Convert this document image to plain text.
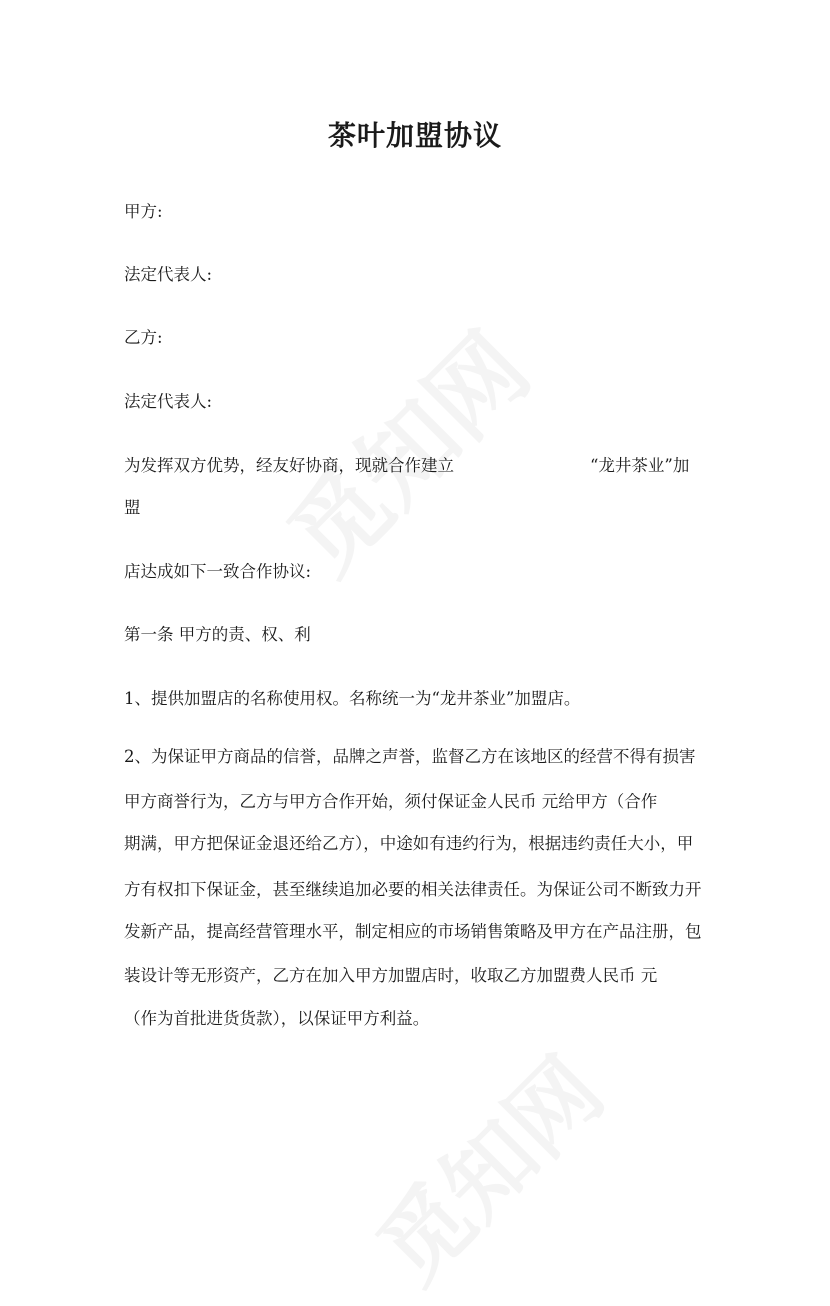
茶叶加盟协议
甲方:
法定代表人:
乙方:
法定代表人:
为发挥双方优势，经友好协商，现就合作建立	“龙井茶业”加
盟
店达成如下一致合作协议:
第一条 甲方的责、权、利
1、提供加盟店的名称使用权。名称统一为“龙井茶业”加盟店。
2、为保证甲方商品的信誉，品牌之声誉，监督乙方在该地区的经营不得有损害
甲方商誉行为，乙方与甲方合作开始，须付保证金人民币 元给甲方（合作
期满，甲方把保证金退还给乙方），中途如有违约行为，根据违约责任大小，甲
方有权扣下保证金，甚至继续追加必要的相关法律责任。为保证公司不断致力开
发新产品，提高经营管理水平，制定相应的市场销售策略及甲方在产品注册，包
装设计等无形资产，乙方在加入甲方加盟店时，收取乙方加盟费人民币 元
（作为首批进货货款），以保证甲方利益。
